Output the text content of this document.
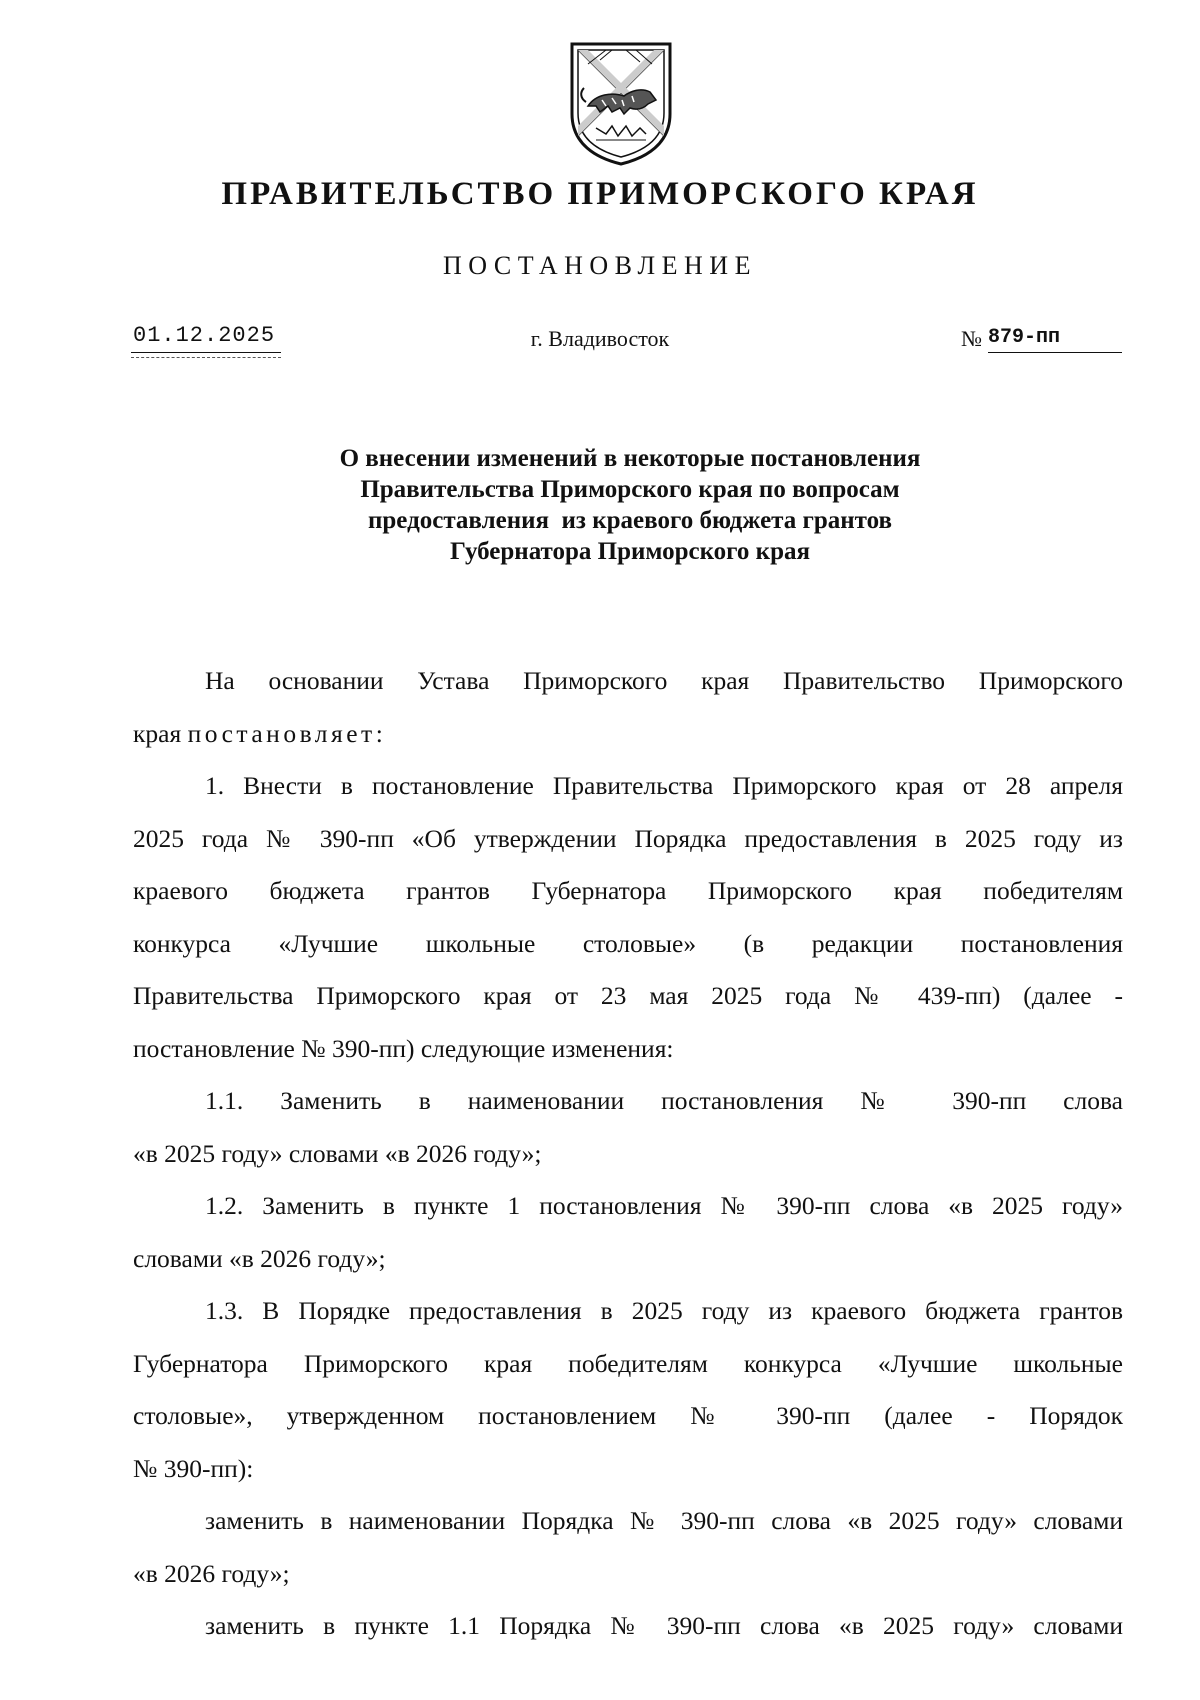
ПРАВИТЕЛЬСТВО ПРИМОРСКОГО КРАЯ
ПОСТАНОВЛЕНИЕ
01.12.2025	г. Владивосток	№ 879-пп
О внесении изменений в некоторые постановления
Правительства Приморского края по вопросам
предоставления  из краевого бюджета грантов
Губернатора Приморского края

На основании Устава Приморского края Правительство Приморского

края постановляет:

1. Внести в постановление Правительства Приморского края от 28 апреля

2025 года № 390-пп «Об утверждении Порядка предоставления в 2025 году из

краевого бюджета грантов Губернатора Приморского края победителям

конкурса «Лучшие школьные столовые» (в редакции постановления

Правительства Приморского края от 23 мая 2025 года № 439-пп) (далее -

постановление № 390-пп) следующие изменения:

1.1. Заменить в наименовании постановления № 390-пп слова

«в 2025 году» словами «в 2026 году»;

1.2. Заменить в пункте 1 постановления № 390-пп слова «в 2025 году»

словами «в 2026 году»;

1.3. В Порядке предоставления в 2025 году из краевого бюджета грантов

Губернатора Приморского края победителям конкурса «Лучшие школьные

столовые», утвержденном постановлением № 390-пп (далее - Порядок

№ 390-пп):

заменить в наименовании Порядка № 390-пп слова «в 2025 году» словами

«в 2026 году»;

заменить в пункте 1.1 Порядка № 390-пп слова «в 2025 году» словами
